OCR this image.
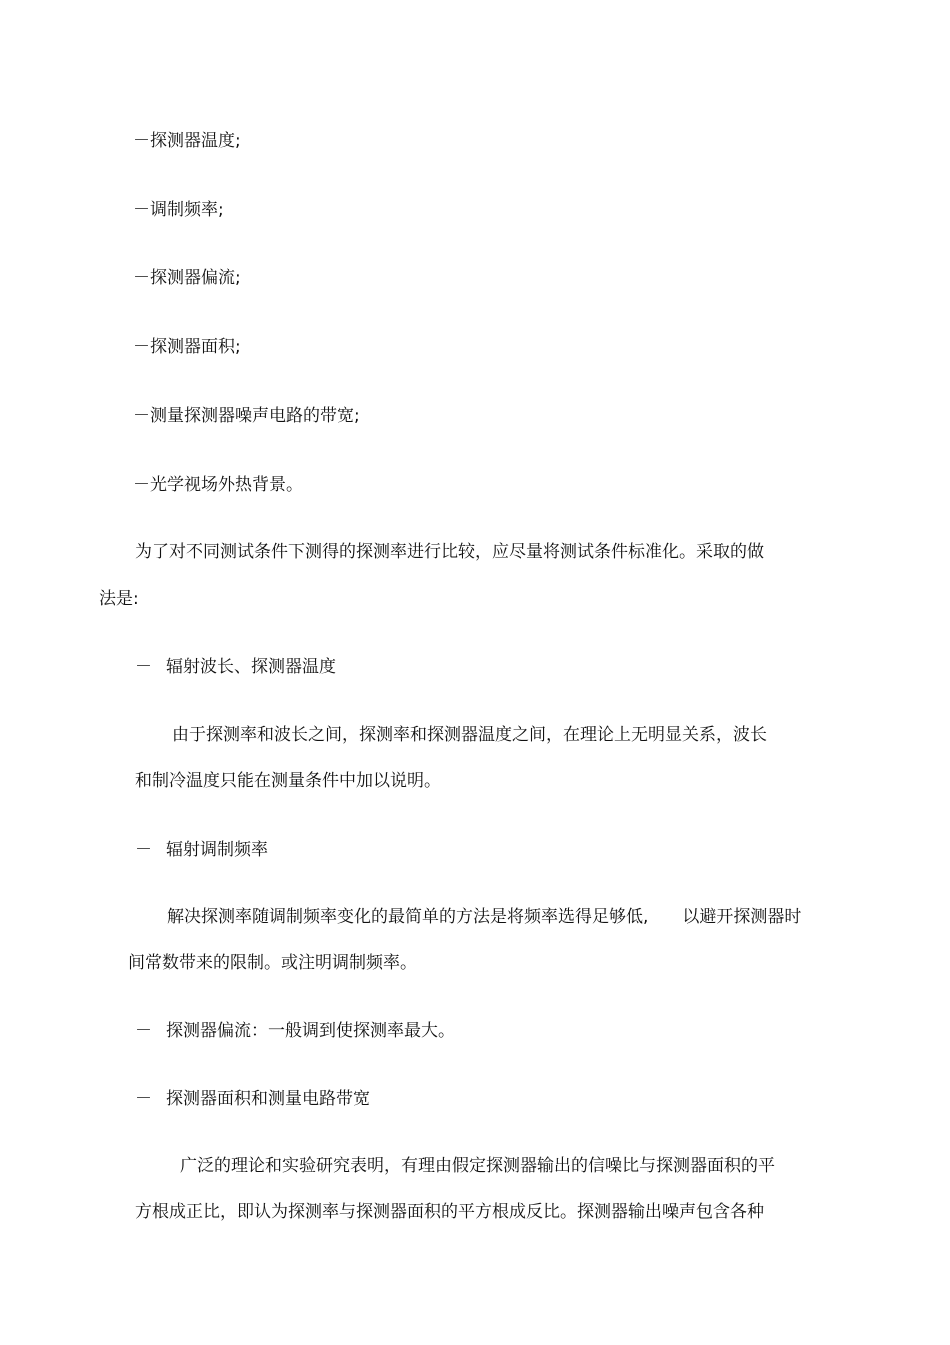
－探测器温度;
－调制频率;
－探测器偏流;
－探测器面积;
－测量探测器噪声电路的带宽;
－光学视场外热背景。
为了对不同测试条件下测得的探测率进行比较，应尽量将测试条件标准化。采取的做
法是:
－ 辐射波长、探测器温度
由于探测率和波长之间，探测率和探测器温度之间，在理论上无明显关系，波长
和制冷温度只能在测量条件中加以说明。
－ 辐射调制频率
解决探测率随调制频率变化的最简单的方法是将频率选得足够低, 以避开探测器时
间常数带来的限制。或注明调制频率。
－ 探测器偏流：一般调到使探测率最大。
－ 探测器面积和测量电路带宽
广泛的理论和实验研究表明，有理由假定探测器输出的信噪比与探测器面积的平
方根成正比，即认为探测率与探测器面积的平方根成反比。探测器输出噪声包含各种
